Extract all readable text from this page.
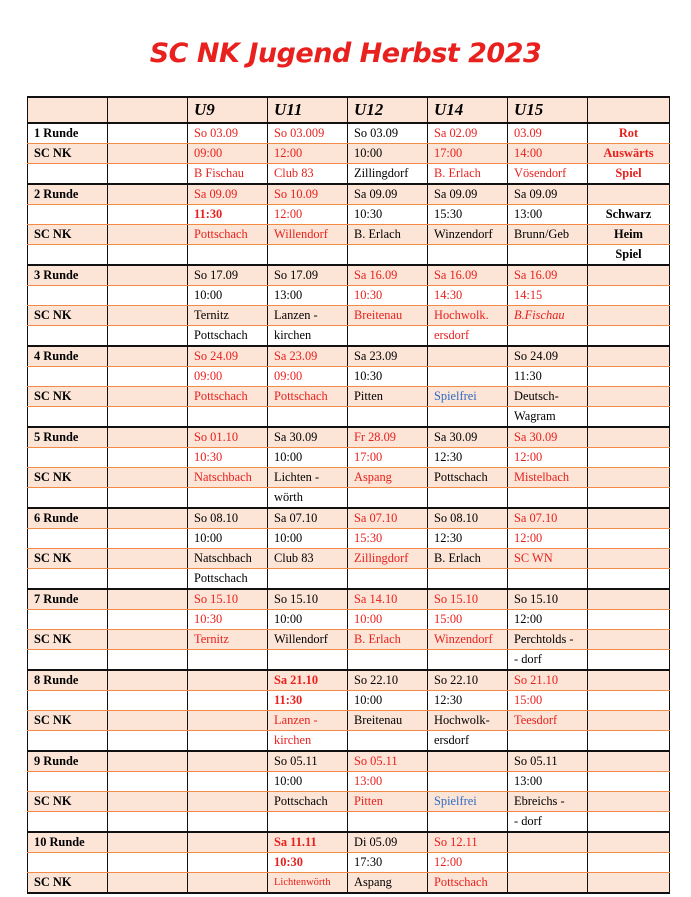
SC NK Jugend Herbst 2023
		U9	U11	U12	U14	U15	
1 Runde		So 03.09	So 03.009	So 03.09	Sa 02.09	03.09	Rot
SC NK		09:00	12:00	10:00	17:00	14:00	Auswärts
		B Fischau	Club 83	Zillingdorf	B. Erlach	Vösendorf	Spiel
2 Runde		Sa 09.09	So 10.09	Sa 09.09	Sa 09.09	Sa 09.09	
		11:30	12:00	10:30	15:30	13:00	Schwarz
SC NK		Pottschach	Willendorf	B. Erlach	Winzendorf	Brunn/Geb	Heim
							Spiel
3 Runde		So 17.09	So 17.09	Sa 16.09	Sa 16.09	Sa 16.09	
		10:00	13:00	10:30	14:30	14:15	
SC NK		Ternitz	Lanzen -	Breitenau	Hochwolk.	B.Fischau	
		Pottschach	kirchen		ersdorf		
4 Runde		So 24.09	Sa 23.09	Sa 23.09		So 24.09	
		09:00	09:00	10:30		11:30	
SC NK		Pottschach	Pottschach	Pitten	Spielfrei	Deutsch-	
						Wagram	
5 Runde		So 01.10	Sa 30.09	Fr 28.09	Sa 30.09	Sa 30.09	
		10:30	10:00	17:00	12:30	12:00	
SC NK		Natschbach	Lichten -	Aspang	Pottschach	Mistelbach	
			wörth				
6 Runde		So 08.10	Sa 07.10	Sa 07.10	So 08.10	Sa 07.10	
		10:00	10:00	15:30	12:30	12:00	
SC NK		Natschbach	Club 83	Zillingdorf	B. Erlach	SC WN	
		Pottschach					
7 Runde		So 15.10	So 15.10	Sa 14.10	So 15.10	So 15.10	
		10:30	10:00	10:00	15:00	12:00	
SC NK		Ternitz	Willendorf	B. Erlach	Winzendorf	Perchtolds -	
						- dorf	
8 Runde			Sa 21.10	So 22.10	So 22.10	So 21.10	
			11:30	10:00	12:30	15:00	
SC NK			Lanzen -	Breitenau	Hochwolk-	Teesdorf	
			kirchen		ersdorf		
9 Runde			So 05.11	So 05.11		So 05.11	
			10:00	13:00		13:00	
SC NK			Pottschach	Pitten	Spielfrei	Ebreichs -	
						- dorf	
10 Runde			Sa 11.11	Di 05.09	So 12.11		
			10:30	17:30	12:00		
SC NK			Lichtenwörth	Aspang	Pottschach		
